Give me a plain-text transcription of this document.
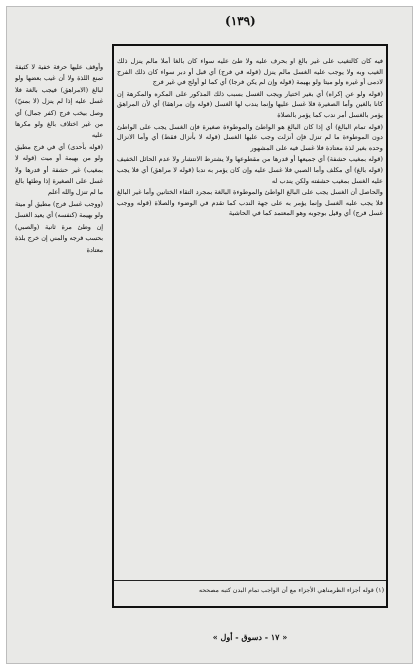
(١٣٩)

فيه كان كالتغيب على غير بالغ او بحرف عليه ولا طئ عليه سواء كان بالغا أملا مالم ينزل ذلك الغيب وبه ولا يوجب عليه الغسل مالم ينزل (قوله في فرج) أي قبل أو دبر سواء كان ذلك الفرج لادمى أو غيره ولو ميتا ولو بهيمة (قوله وإن لم يكن فرجا) أي كما لو أولج في غير فرج

(قوله ولو عن إكراه) أي بغير اختيار ويجب الغسل بسبب ذلك المذكور على المكره والمكرهة إن كانا بالغين وأما الصغيرة فلا غسل عليها وإنما يندب لها الغسل (قوله وإن مراهقا) أي لأن المراهق يؤمر بالغسل أمر ندب كما يؤمر بالصلاة

(قوله تمام البالغ) أي إذا كان البالغ هو الواطئ والموطوءة صغيرة فإن الغسل يجب على الواطئ دون الموطوءة ما لم تنزل فإن أنزلت وجب عليها الغسل (قوله لا بأنزال فقط) أي وأما الانزال وحده بغير لذة معتادة فلا غسل فيه على المشهور

(قوله بمغيب حشفة) أي جميعها أو قدرها من مقطوعها ولا يشترط الانتشار ولا عدم الحائل الخفيف (قوله بالغ) أي مكلف وأما الصبي فلا غسل عليه وإن كان يؤمر به ندبا (قوله لا مراهق) أي فلا يجب عليه الغسل بمغيب حشفته ولكن يندب له

والحاصل أن الغسل يجب على البالغ الواطئ والموطوءة البالغة بمجرد التقاء الختانين وأما غير البالغ فلا يجب عليه الغسل وإنما يؤمر به على جهة الندب كما تقدم في الوضوء والصلاة (قوله ووجب غسل فرج) أي وقيل بوجوبه وهو المعتمد كما في الحاشية

(١) قوله أجزاء الظرمناهي الأجزاء مع أن الواجب تمام البدن كتبه مصححه

وأوقف عليها حرفة خفية لا كثيفة تمنع اللذة ولا أن غيب بعضها ولو لبالغ (الامراهق) فيجب بالغة فلا غسل عليه إذا لم ينزل (لا بمنيّ) وصل بيخب فرج (كفر جمال) أي من غير اختلاف بالغ ولو مكرها عليه

(قوله بأحدى) أي في فرج مطيق ولو من بهيمة أو ميت (قوله لا بمغيب) غير حشفة أو قدرها ولا غسل على الصغيرة إذا وطئها بالغ ما لم تنزل والله أعلم

(ووجب غسل فرج) مطيق أو ميتة ولو بهيمة (كنفسه) أي يعيد الغسل إن وطئ مرة ثانية (والصبي) بحسب فرجه والمني إن خرج بلذة معتادة

« ١٧ - دسوق - أول »
